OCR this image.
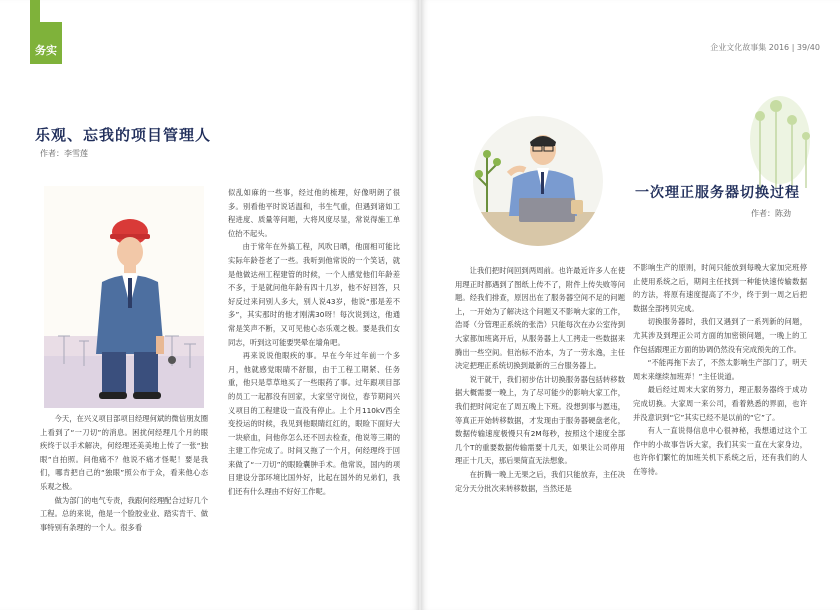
务实
乐观、忘我的项目管理人
作者：李雪莲

今天，在兴义项目部项目经理何斌的微信朋友圈上看到了“一刀切”的消息。困扰何经理几个月的眼疾终于以手术解决，何经理还美美地上传了一张“独眼”自拍照。问他痛不？他说不痛才怪呢！要是我们，哪肯把自己的“独眼”照公布于众，看来他心态乐观之极。

做为部门的电气专责，我跟何经理配合过好几个工程。总的来说，他是一个脸胶业业、踏实肯干、做事特别有条理的一个人。很多看

似乱如麻的一些事，经过他的梳理，好像明朗了很多。别看他平时说话温和，书生气重，但遇到诸如工程进度、质量等问题，大将风度尽显，常说得施工单位抬不起头。

由于常年在外搞工程，风吹日晒，他面相可能比实际年龄苍老了一些。我听到他常说的一个笑话，就是他做达州工程建管的时候，一个人感觉他们年龄差不多，于是就问他年龄有四十几岁，他不好回答，只好反过来问别人多大，别人说43岁，他说“那是差不多”，其实那时的他才刚满30呀！每次说到这，他通常是笑声不断，又可见他心态乐观之极。要是我们女同志，听到这可能要哭晕在墙角吧。

再来说说他眼疾的事。早在今年过年前一个多月，他就感觉眼睛不舒服，由于工程工期紧、任务重，他只是草草地买了一些眼药了事。过年跟项目部的员工一起都没有回家，大家坚守岗位，春节期间兴义项目的工程建设一直没有停止。上个月110kV西全变投运的时候，我见到他眼睛红红的，眼睑下面好大一块瘀血，问他你怎么还不回去检查，他说等三期的主建工作完成了。时间又拖了一个月，何经理终于回来做了“一刀切”的眼睑囊肿手术。他常说，国内的项目建设分部环境比国外好，比起在国外的兄弟们，我们还有什么理由不好好工作呢。

企业文化故事集 2016 | 39/40
一次理正服务器切换过程
作者：陈劲

让我们把时间回到两周前。也许最近许多人在使用理正时都遇到了图纸上传不了，附件上传失败等问题。经我们排查，原因出在了服务器空间不足的问题上，一开始为了解决这个问题又不影响大家的工作，浩哥（分管理正系统的张浩）只能每次在办公室待到大家都加班离开后，从服务器上人工拷走一些数据来腾出一些空间。但治标不治本，为了一劳永逸，主任决定把理正系统切换到最新的三台服务器上。

说干就干，我们初步估计切换服务器包括转移数据大概需要一晚上，为了尽可能少的影响大家工作，我们把时间定在了周五晚上下班。没想到事与愿违，等真正开始转移数据，才发现由于服务器硬盘老化，数据传输速度极慢只有2M每秒，按照这个速度全部几个T的重要数据传输需要十几天，如果让公司停用理正十几天，那后果简直无法想象。

在折腾一晚上无果之后，我们只能放弃，主任决定分天分批次来转移数据，当然还是

不影响生产的原则，时间只能放到每晚大家加完班停止使用系统之后，期间主任找到一种能快速传输数据的方法，将原有速度提高了不少，终于到一周之后把数据全部拷贝完成。

切换服务器时，我们又遇到了一系列新的问题，尤其涉及到理正公司方面的加密锁问题，一晚上的工作包括跟理正方面的协调仍然没有完成预先的工作。

“不能再拖下去了，不然太影响生产部门了，明天周末来继续加班弄！”主任说道。

最后经过周末大家的努力，理正服务器终于成功完成切换。大家周一来公司，看着熟悉的界面，也许并没意识到“它”其实已经不是以前的“它”了。

有人一直说得信息中心很神秘，我想通过这个工作中的小故事告诉大家，我们其实一直在大家身边，也许你们繁忙的加班关机下系统之后，还有我们的人在等待。
